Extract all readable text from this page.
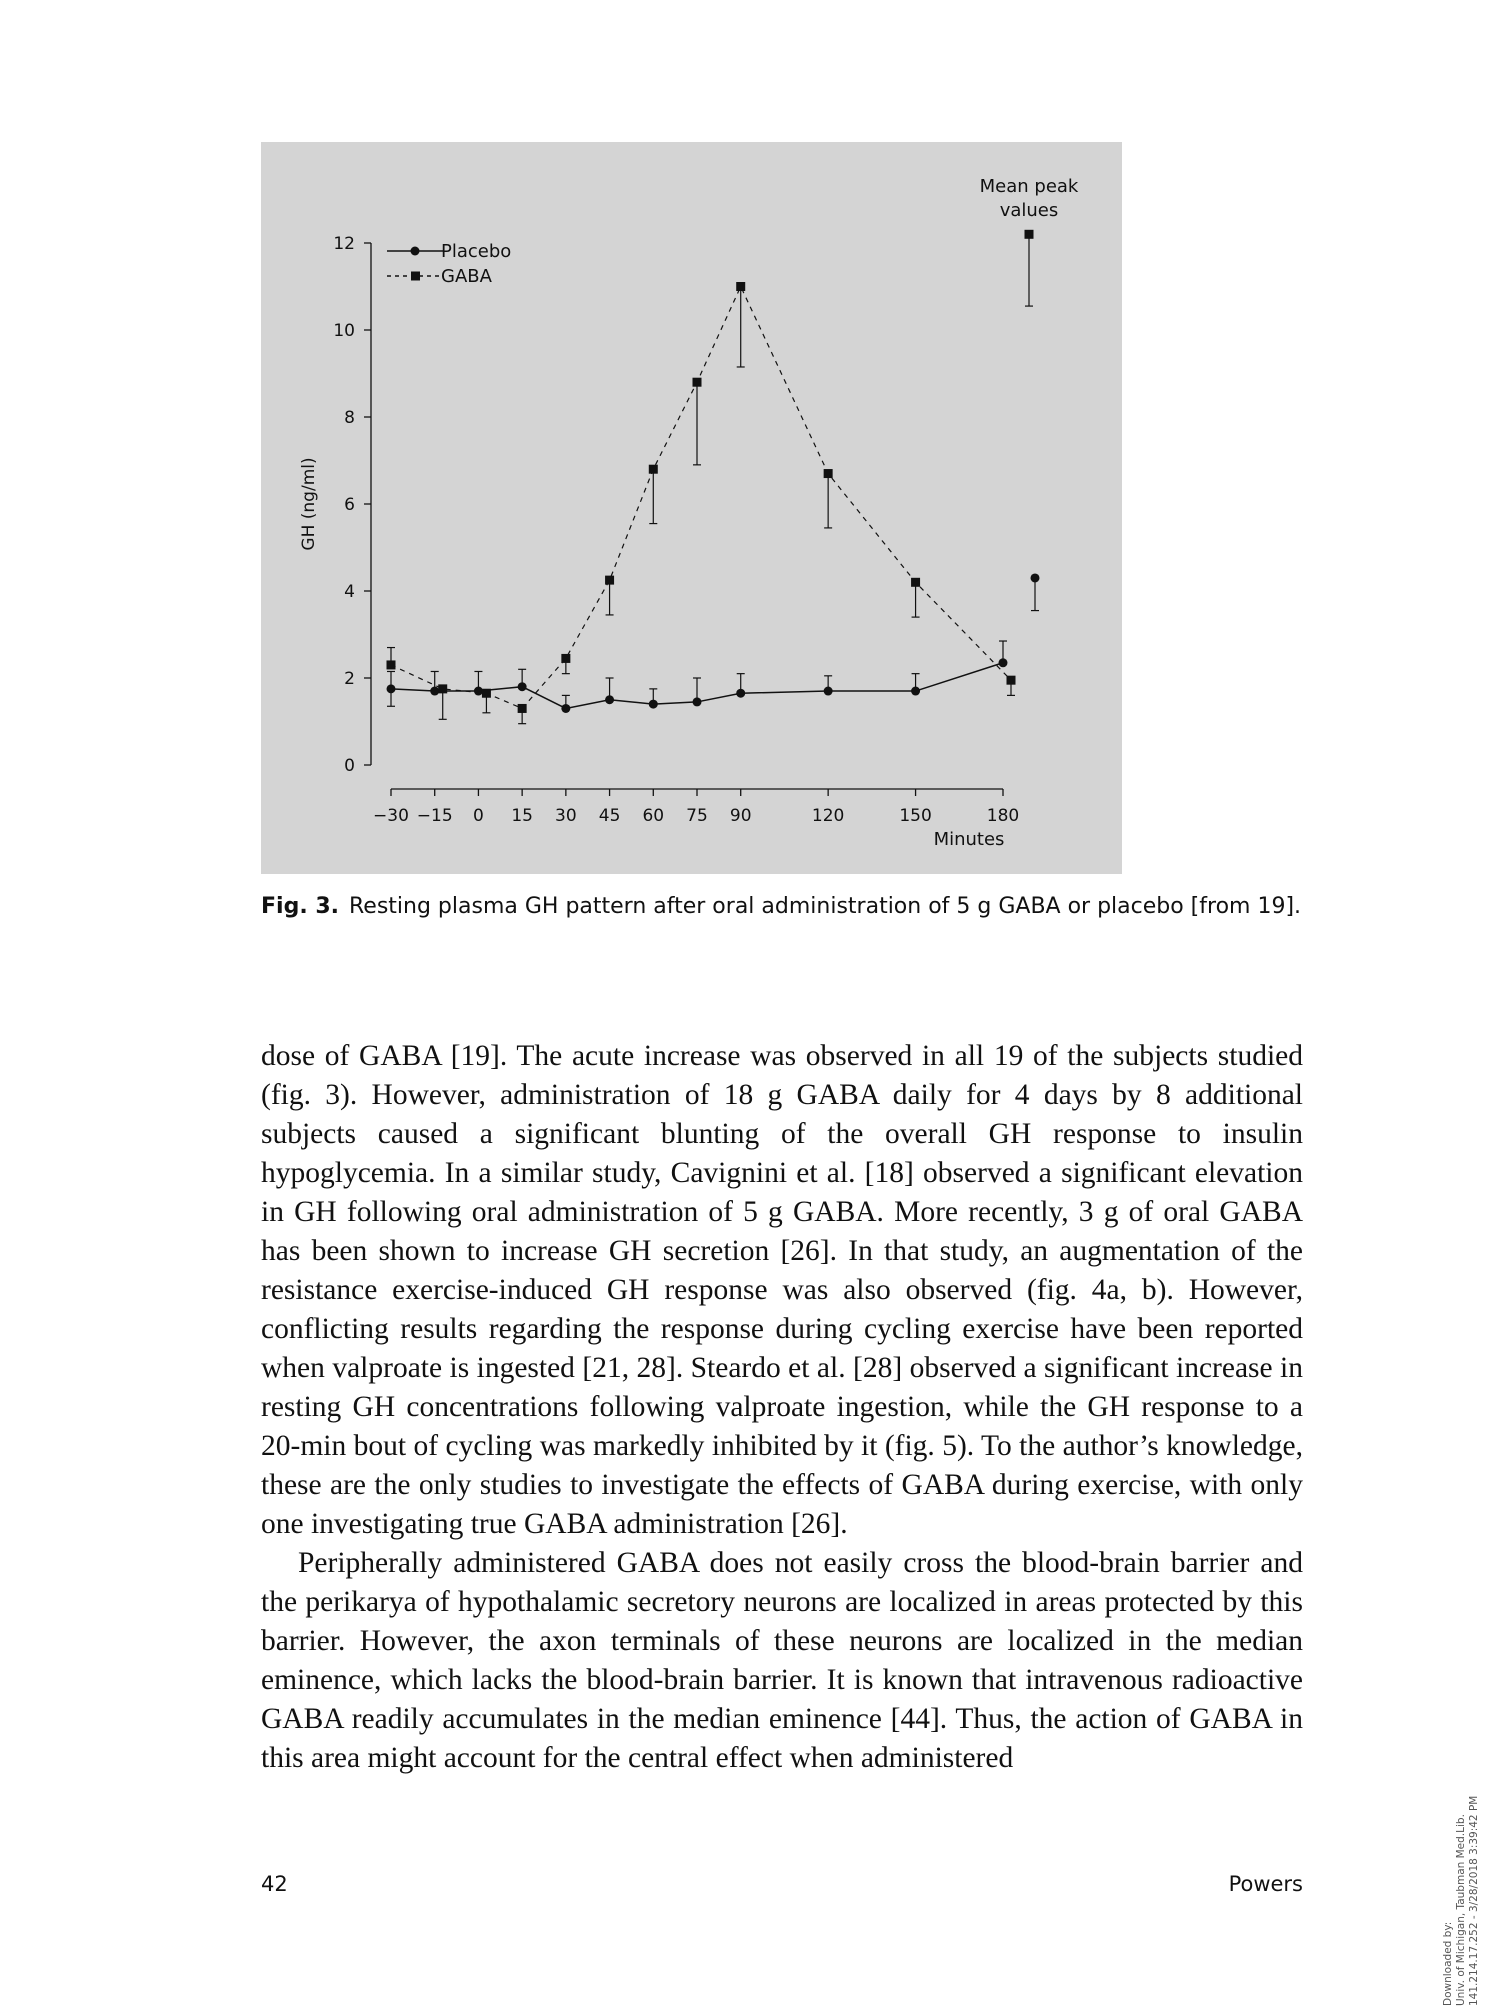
0
2
4
6
8
10
12
GH (ng/ml)
−30 −15 0 15 30 45 60 75 90	120	150	180
Minutes
Placebo
GABA
Mean peak
values
Fig. 3. Resting plasma GH pattern after oral administration of 5 g GABA or placebo [from 19].

dose of GABA [19]. The acute increase was observed in all 19 of the subjects studied (fig. 3). However, administration of 18 g GABA daily for 4 days by 8 additional subjects caused a significant blunting of the overall GH response to insulin hypoglycemia. In a similar study, Cavignini et al. [18] observed a significant elevation in GH following oral administration of 5 g GABA. More recently, 3 g of oral GABA has been shown to increase GH secretion [26]. In that study, an augmentation of the resistance exercise-induced GH response was also observed (fig. 4a, b). However, conflicting results regarding the response during cycling exercise have been reported when valproate is ingested [21, 28]. Steardo et al. [28] observed a significant increase in resting GH concentrations following valproate ingestion, while the GH response to a 20-min bout of cycling was markedly inhibited by it (fig. 5). To the author’s knowledge, these are the only studies to investigate the effects of GABA during exercise, with only one investigating true GABA administration [26].

Peripherally administered GABA does not easily cross the blood-brain barrier and the perikarya of hypothalamic secretory neurons are localized in areas protected by this barrier. However, the axon terminals of these neurons are localized in the median eminence, which lacks the blood-brain barrier. It is known that intravenous radioactive GABA readily accumulates in the median eminence [44]. Thus, the action of GABA in this area might account for the central effect when administered

42	Powers
Downloaded by: Univ. of Michigan, Taubman Med.Lib. 141.214.17.252 - 3/28/2018 3:39:42 PM
